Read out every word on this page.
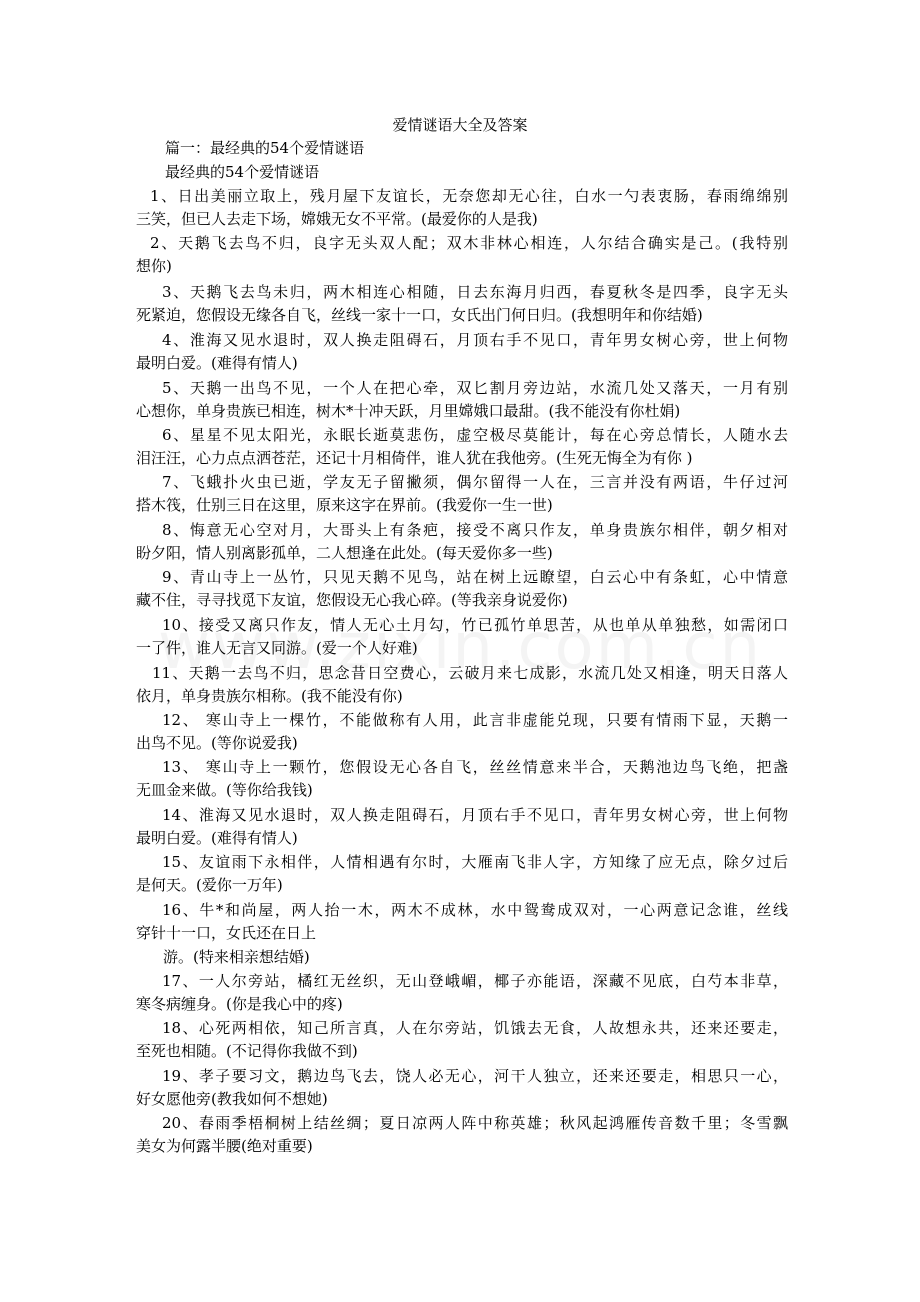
爱情谜语大全及答案
篇一：最经典的54个爱情谜语
最经典的54个爱情谜语
1、日出美丽立取上，残月屋下友谊长，无奈您却无心往，白水一勺表衷肠，春雨绵绵别
三笑，但已人去走下场，嫦娥无女不平常。(最爱你的人是我)
2、天鹅飞去鸟不归，良字无头双人配；双木非林心相连，人尔结合确实是己。(我特别
想你)
3、天鹅飞去鸟未归，两木相连心相随，日去东海月归西，春夏秋冬是四季，良字无头
死紧迫，您假设无缘各自飞，丝线一家十一口，女氏出门何日归。(我想明年和你结婚)
4、淮海又见水退时，双人换走阻碍石，月顶右手不见口，青年男女树心旁，世上何物
最明白爱。(难得有情人)
5、天鹅一出鸟不见，一个人在把心牵，双匕割月旁边站，水流几处又落天，一月有别
心想你，单身贵族已相连，树木*十冲天跃，月里嫦娥口最甜。(我不能没有你杜娟)
6、星星不见太阳光，永眠长逝莫悲伤，虚空极尽莫能计，每在心旁总情长，人随水去
泪汪汪，心力点点洒苍茫，还记十月相倚伴，谁人犹在我他旁。(生死无悔全为有你 )
7、飞蛾扑火虫已逝，学友无子留撇须，偶尔留得一人在，三言并没有两语，牛仔过河
搭木筏，仕别三日在这里，原来这字在界前。(我爱你一生一世)
8、悔意无心空对月，大哥头上有条疤，接受不离只作友，单身贵族尔相伴，朝夕相对
盼夕阳，情人别离影孤单，二人想逢在此处。(每天爱你多一些)
9、青山寺上一丛竹，只见天鹅不见鸟，站在树上远瞭望，白云心中有条虹，心中情意
藏不住，寻寻找觅下友谊，您假设无心我心碎。(等我亲身说爱你)
10、接受又离只作友，情人无心土月勾，竹已孤竹单思苦，从也单从单独愁，如需闭口
一了件，谁人无言又同游。(爱一个人好难)
11、天鹅一去鸟不归，思念昔日空费心，云破月来七成影，水流几处又相逢，明天日落人
依月，单身贵族尔相称。(我不能没有你)
12、 寒山寺上一棵竹，不能做称有人用，此言非虚能兑现，只要有情雨下显，天鹅一
出鸟不见。(等你说爱我)
13、 寒山寺上一颗竹，您假设无心各自飞，丝丝情意来半合，天鹅池边鸟飞绝，把盏
无皿金来做。(等你给我钱)
14、淮海又见水退时，双人换走阻碍石，月顶右手不见口，青年男女树心旁，世上何物
最明白爱。(难得有情人)
15、友谊雨下永相伴，人情相遇有尔时，大雁南飞非人字，方知缘了应无点，除夕过后
是何天。(爱你一万年)
16、牛*和尚屋，两人抬一木，两木不成林，水中鸳鸯成双对，一心两意记念谁，丝线
穿针十一口，女氏还在日上
游。(特来相亲想结婚)
17、一人尔旁站，橘红无丝织，无山登峨嵋，椰子亦能语，深藏不见底，白芍本非草，
寒冬病缠身。(你是我心中的疼)
18、心死两相依，知己所言真，人在尔旁站，饥饿去无食，人故想永共，还来还要走，
至死也相随。(不记得你我做不到)
19、孝子要习文，鹅边鸟飞去，饶人必无心，河干人独立，还来还要走，相思只一心，
好女愿他旁(教我如何不想她)
20、春雨季梧桐树上结丝绸；夏日凉两人阵中称英雄；秋风起鸿雁传音数千里；冬雪飘
美女为何露半腰(绝对重要)
